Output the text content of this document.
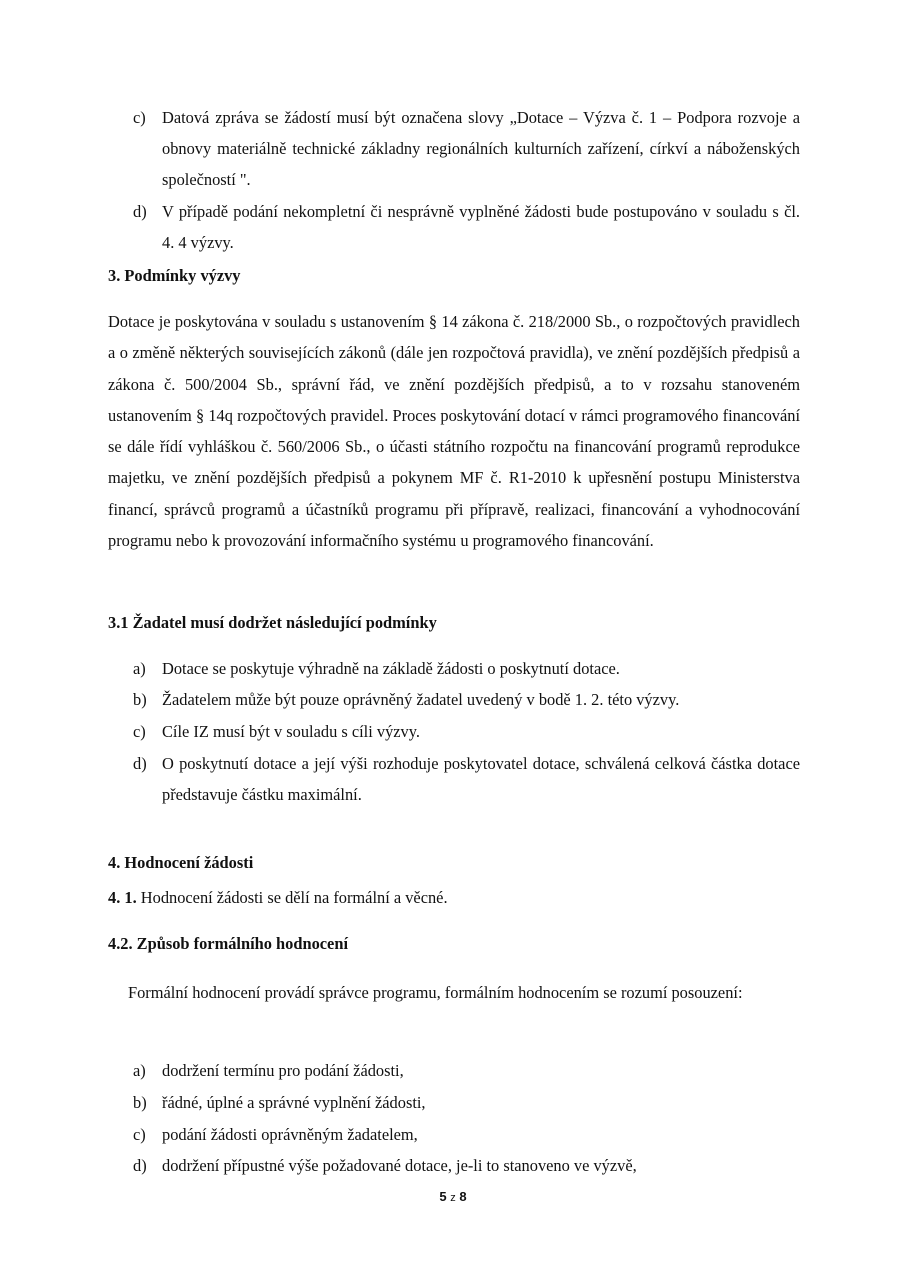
c) Datová zpráva se žádostí musí být označena slovy „Dotace – Výzva č. 1 – Podpora rozvoje a obnovy materiálně technické základny regionálních kulturních zařízení, církví a náboženských společností ".
d) V případě podání nekompletní či nesprávně vyplněné žádosti bude postupováno v souladu s čl. 4. 4 výzvy.
3. Podmínky výzvy
Dotace je poskytována v souladu s ustanovením § 14 zákona č. 218/2000 Sb., o rozpočtových pravidlech a o změně některých souvisejících zákonů (dále jen rozpočtová pravidla), ve znění pozdějších předpisů a zákona č. 500/2004 Sb., správní řád, ve znění pozdějších předpisů, a to v rozsahu stanoveném ustanovením § 14q rozpočtových pravidel. Proces poskytování dotací v rámci programového financování se dále řídí vyhláškou č. 560/2006 Sb., o účasti státního rozpočtu na financování programů reprodukce majetku, ve znění pozdějších předpisů a pokynem MF č. R1-2010 k upřesnění postupu Ministerstva financí, správců programů a účastníků programu při přípravě, realizaci, financování a vyhodnocování programu nebo k provozování informačního systému u programového financování.
3.1 Žadatel musí dodržet následující podmínky
a) Dotace se poskytuje výhradně na základě žádosti o poskytnutí dotace.
b) Žadatelem může být pouze oprávněný žadatel uvedený v bodě 1. 2. této výzvy.
c) Cíle IZ musí být v souladu s cíli výzvy.
d) O poskytnutí dotace a její výši rozhoduje poskytovatel dotace, schválená celková částka dotace představuje částku maximální.
4. Hodnocení žádosti
4. 1. Hodnocení žádosti se dělí na formální a věcné.
4.2. Způsob formálního hodnocení
Formální hodnocení provádí správce programu, formálním hodnocením se rozumí posouzení:
a) dodržení termínu pro podání žádosti,
b) řádné, úplné a správné vyplnění žádosti,
c) podání žádosti oprávněným žadatelem,
d) dodržení přípustné výše požadované dotace, je-li to stanoveno ve výzvě,
5 z 8
